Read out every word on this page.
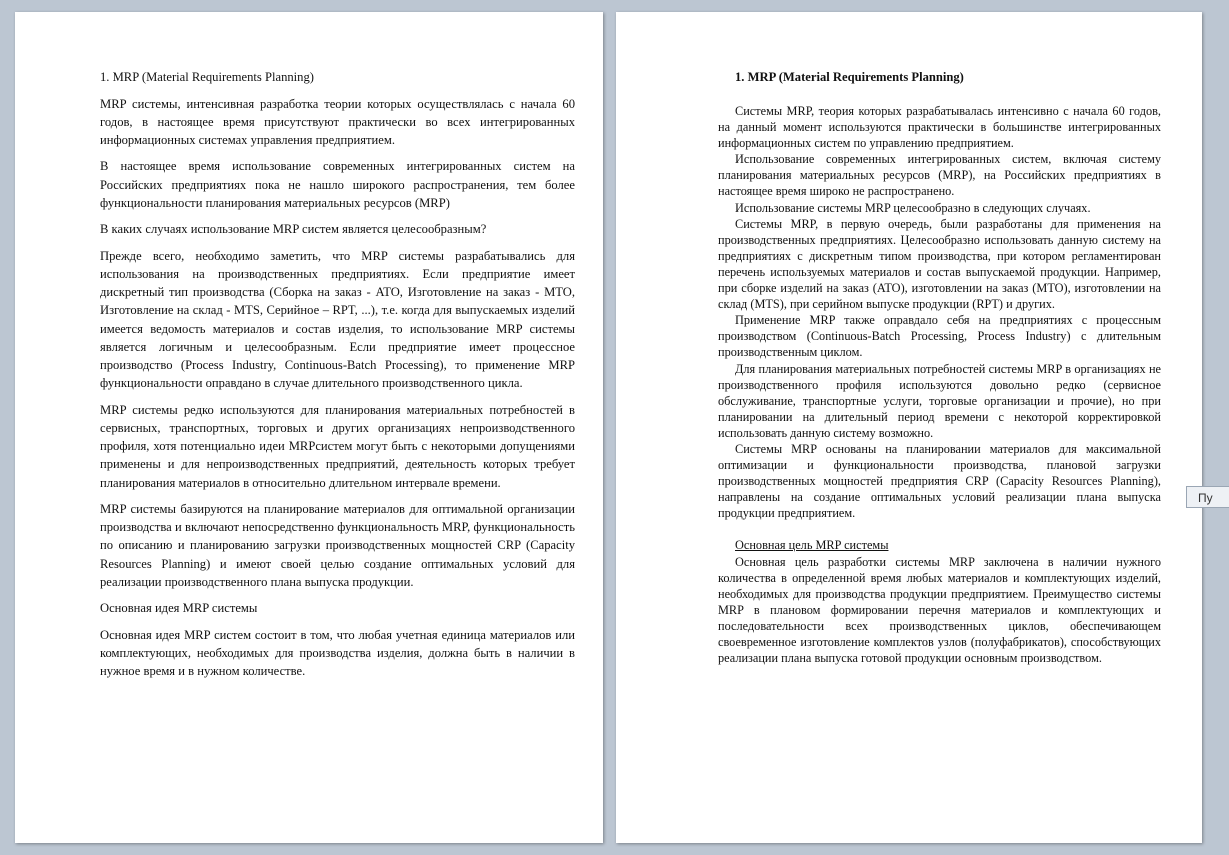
1. MRP (Material Requirements Planning)

MRP системы, интенсивная разработка теории которых осуществлялась с начала 60 годов, в настоящее время присутствуют практически во всех интегрированных информационных системах управления предприятием.

В настоящее время использование современных интегрированных систем на Российских предприятиях пока не нашло широкого распространения, тем более функциональности планирования материальных ресурсов (MRP)

В каких случаях использование MRP систем является целесообразным?

Прежде всего, необходимо заметить, что MRP системы разрабатывались для использования на производственных предприятиях. Если предприятие имеет дискретный тип производства (Сборка на заказ - ATO, Изготовление на заказ - MTO, Изготовление на склад - MTS, Серийное – RPT, ...), т.е. когда для выпускаемых изделий имеется ведомость материалов и состав изделия, то использование MRP системы является логичным и целесообразным. Если предприятие имеет процессное производство (Process Industry, Continuous-Batch Processing), то применение MRP функциональности оправдано в случае длительного производственного цикла.

MRP системы редко используются для планирования материальных потребностей в сервисных, транспортных, торговых и других организациях непроизводственного профиля, хотя потенциально идеи MRPсистем могут быть с некоторыми допущениями применены и для непроизводственных предприятий, деятельность которых требует планирования материалов в относительно длительном интервале времени.

MRP системы базируются на планирование материалов для оптимальной организации производства и включают непосредственно функциональность MRP, функциональность по описанию и планированию загрузки производственных мощностей CRP (Capacity Resources Planning) и имеют своей целью создание оптимальных условий для реализации производственного плана выпуска продукции.

Основная идея MRP системы

Основная идея MRP систем состоит в том, что любая учетная единица материалов или комплектующих, необходимых для производства изделия, должна быть в наличии в нужное время и в нужном количестве.

1. MRP (Material Requirements Planning)

Системы MRP, теория которых разрабатывалась интенсивно с начала 60 годов, на данный момент используются практически в большинстве интегрированных информационных систем по управлению предприятием.

Использование современных интегрированных систем, включая систему планирования материальных ресурсов (MRP), на Российских предприятиях в настоящее время широко не распространено.

Использование системы MRP целесообразно в следующих случаях.

Системы MRP, в первую очередь, были разработаны для применения на производственных предприятиях. Целесообразно использовать данную систему на предприятиях с дискретным типом производства, при котором регламентирован перечень используемых материалов и состав выпускаемой продукции. Например, при сборке изделий на заказ (ATO), изготовлении на заказ (MTO), изготовлении на склад (MTS), при серийном выпуске продукции (RPT) и других.

Применение MRP также оправдало себя на предприятиях с процессным производством (Continuous-Batch Processing, Process Industry) с длительным производственным циклом.

Для планирования материальных потребностей системы MRP в организациях не производственного профиля используются довольно редко (сервисное обслуживание, транспортные услуги, торговые организации и прочие), но при планировании на длительный период времени с некоторой корректировкой использовать данную систему возможно.

Системы MRP основаны на планировании материалов для максимальной оптимизации и функциональности производства, плановой загрузки производственных мощностей предприятия CRP (Capacity Resources Planning), направлены на создание оптимальных условий реализации плана выпуска продукции предприятием.

Основная цель MRP системы

Основная цель разработки системы MRP заключена в наличии нужного количества в определенной время любых материалов и комплектующих изделий, необходимых для производства продукции предприятием. Преимущество системы MRP в плановом формировании перечня материалов и комплектующих и последовательности всех производственных циклов, обеспечивающем своевременное изготовление комплектов узлов (полуфабрикатов), способствующих реализации плана выпуска готовой продукции основным производством.

Пу
